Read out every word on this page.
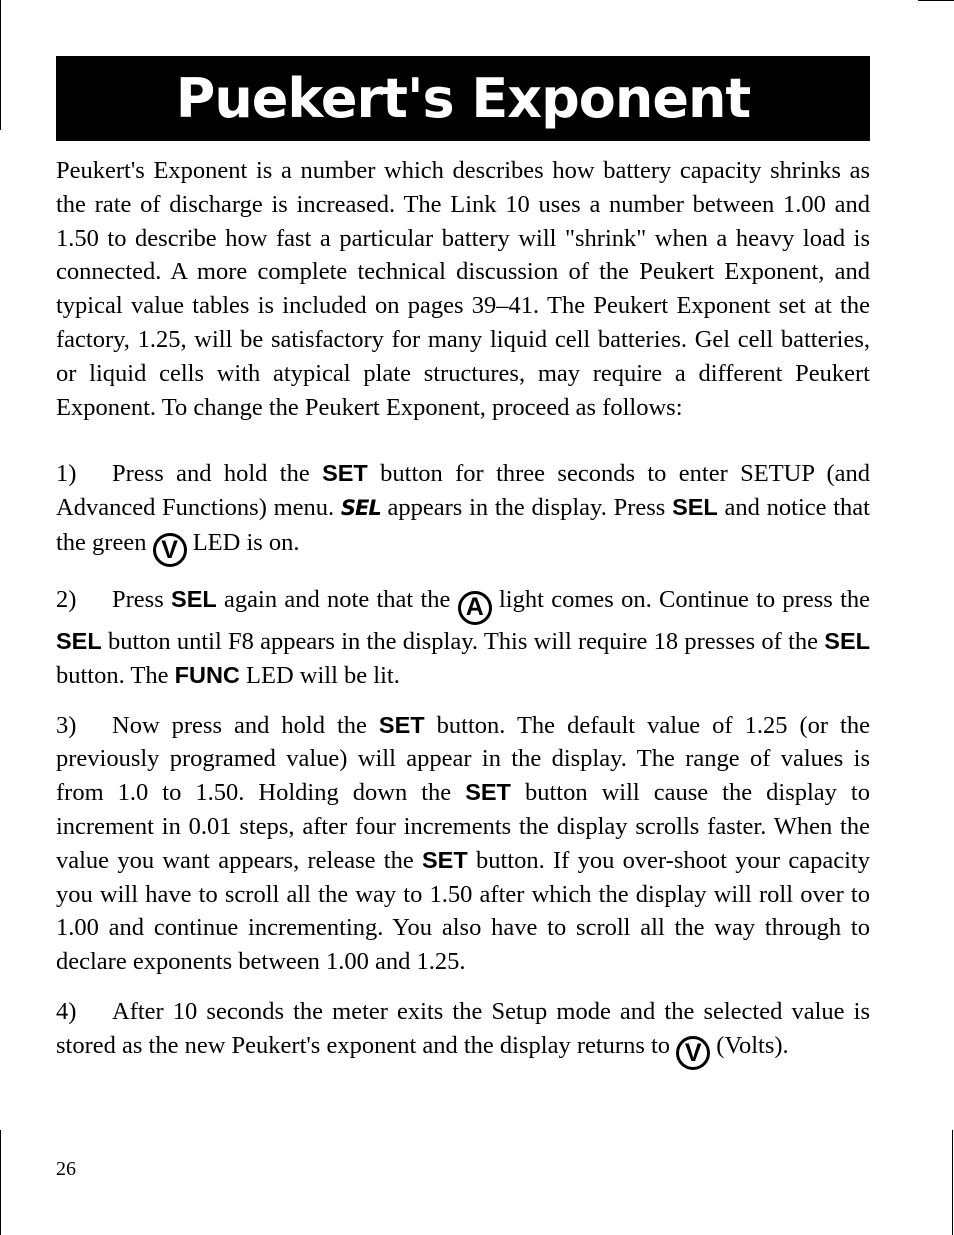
Puekert's Exponent

Peukert's Exponent is a number which describes how battery capacity shrinks as the rate of discharge is increased. The Link 10 uses a number between 1.00 and 1.50 to describe how fast a particular battery will "shrink" when a heavy load is connected. A more complete technical discussion of the Peukert Exponent, and typical value tables is included on pages 39–41. The Peukert Exponent set at the factory, 1.25, will be satisfactory for many liquid cell batteries. Gel cell batteries, or liquid cells with atypical plate structures, may require a different Peukert Exponent. To change the Peukert Exponent, proceed as follows:

1) Press and hold the SET button for three seconds to enter SETUP (and Advanced Functions) menu. SEL appears in the display. Press SEL and notice that the green V LED is on.

2) Press SEL again and note that the A light comes on. Continue to press the SEL button until F8 appears in the display. This will require 18 presses of the SEL button. The FUNC LED will be lit.

3) Now press and hold the SET button. The default value of 1.25 (or the previously programed value) will appear in the display. The range of values is from 1.0 to 1.50. Holding down the SET button will cause the display to increment in 0.01 steps, after four increments the display scrolls faster. When the value you want appears, release the SET button. If you over-shoot your capacity you will have to scroll all the way to 1.50 after which the display will roll over to 1.00 and continue incrementing. You also have to scroll all the way through to declare exponents between 1.00 and 1.25.

4) After 10 seconds the meter exits the Setup mode and the selected value is stored as the new Peukert's exponent and the display returns to V (Volts).

26
